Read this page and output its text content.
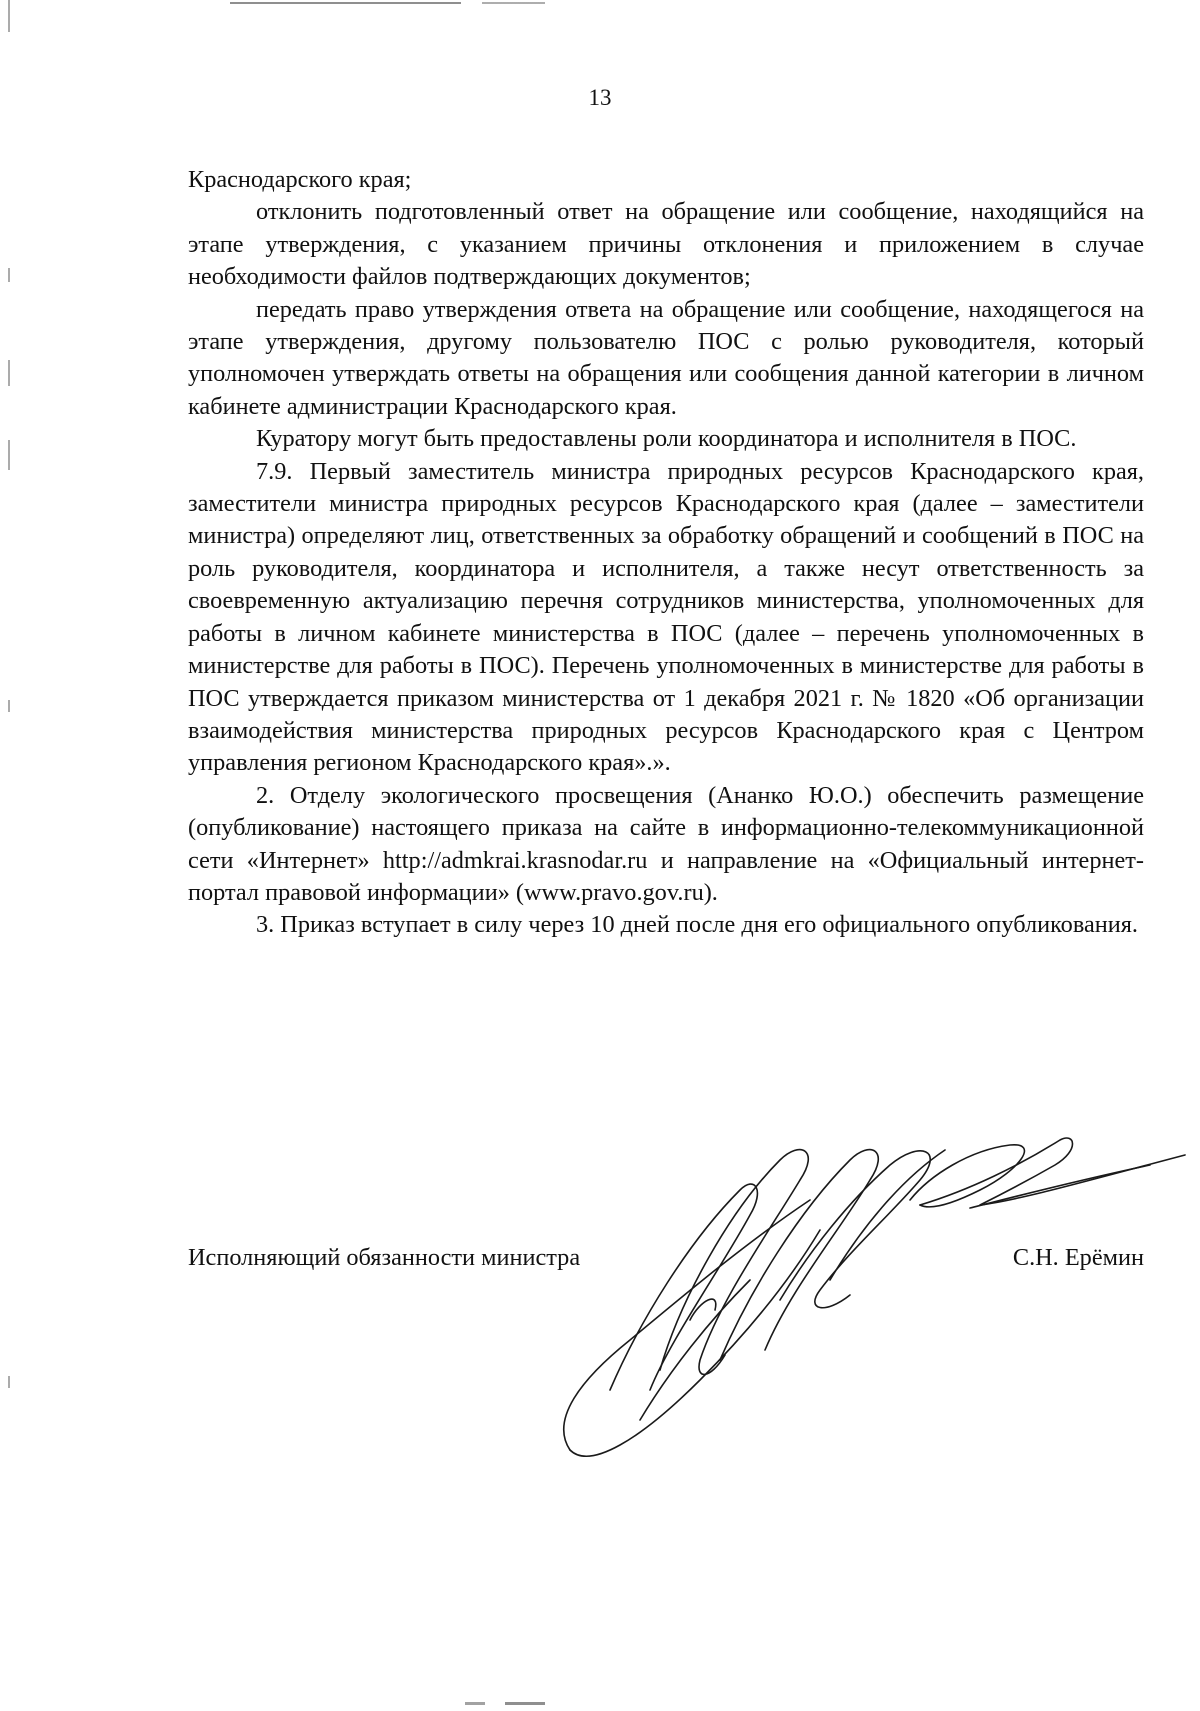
13

Краснодарского края;

отклонить подготовленный ответ на обращение или сообщение, находящийся на этапе утверждения, с указанием причины отклонения и приложением в случае необходимости файлов подтверждающих документов;

передать право утверждения ответа на обращение или сообщение, находящегося на этапе утверждения, другому пользователю ПОС с ролью руководителя, который уполномочен утверждать ответы на обращения или сообщения данной категории в личном кабинете администрации Краснодарского края.

Куратору могут быть предоставлены роли координатора и исполнителя в ПОС.

7.9. Первый заместитель министра природных ресурсов Краснодарского края, заместители министра природных ресурсов Краснодарского края (далее – заместители министра) определяют лиц, ответственных за обработку обращений и сообщений в ПОС на роль руководителя, координатора и исполнителя, а также несут ответственность за своевременную актуализацию перечня сотрудников министерства, уполномоченных для работы в личном кабинете министерства в ПОС (далее – перечень уполномоченных в министерстве для работы в ПОС). Перечень уполномоченных в министерстве для работы в ПОС утверждается приказом министерства от 1 декабря 2021 г. № 1820 «Об организации взаимодействия министерства природных ресурсов Краснодарского края с Центром управления регионом Краснодарского края».».

2. Отделу экологического просвещения (Ананко Ю.О.) обеспечить размещение (опубликование) настоящего приказа на сайте в информационно-телекоммуникационной сети «Интернет» http://admkrai.krasnodar.ru и направление на «Официальный интернет-портал правовой информации» (www.pravo.gov.ru).

3. Приказ вступает в силу через 10 дней после дня его официального опубликования.

Исполняющий обязанности министра	С.Н. Ерёмин
